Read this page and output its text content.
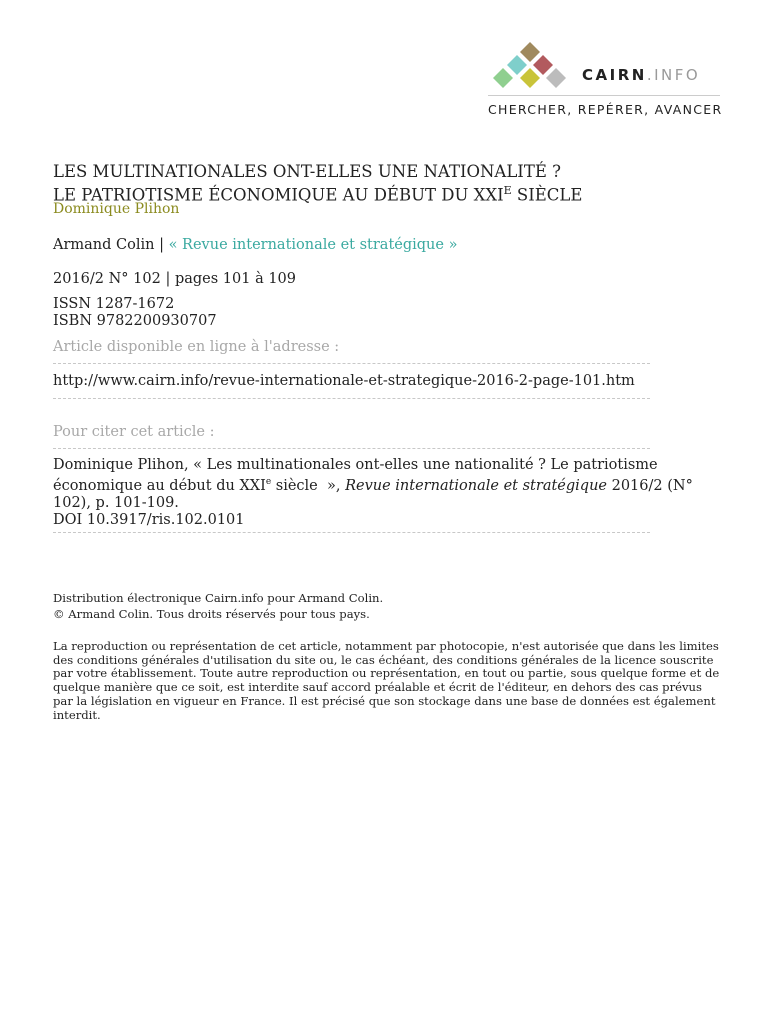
CAIRN.INFO
CHERCHER, REPÉRER, AVANCER
LES MULTINATIONALES ONT-ELLES UNE NATIONALITÉ ?
LE PATRIOTISME ÉCONOMIQUE AU DÉBUT DU $XXI^E$ SIÈCLE
Dominique Plihon
Armand Colin | « Revue internationale et stratégique »
2016/2 N° 102 | pages 101 à 109
ISSN 1287-1672
ISBN 9782200930707
Article disponible en ligne à l'adresse :
http://www.cairn.info/revue-internationale-et-strategique-2016-2-page-101.htm
Pour citer cet article :
Dominique Plihon, « Les multinationales ont-elles une nationalité ? Le patriotisme économique au début du XXIe siècle  », Revue internationale et stratégique 2016/2 (N° 102), p. 101-109.
DOI 10.3917/ris.102.0101
Distribution électronique Cairn.info pour Armand Colin.
© Armand Colin. Tous droits réservés pour tous pays.
La reproduction ou représentation de cet article, notamment par photocopie, n'est autorisée que dans les limites des conditions générales d'utilisation du site ou, le cas échéant, des conditions générales de la licence souscrite par votre établissement. Toute autre reproduction ou représentation, en tout ou partie, sous quelque forme et de quelque manière que ce soit, est interdite sauf accord préalable et écrit de l'éditeur, en dehors des cas prévus par la législation en vigueur en France. Il est précisé que son stockage dans une base de données est également interdit.
